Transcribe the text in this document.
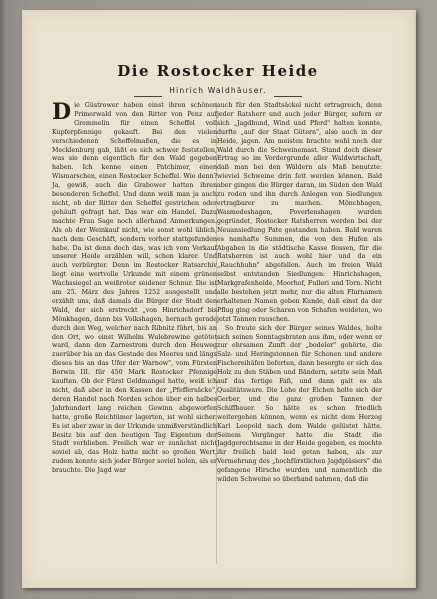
Die Rostocker Heide
Hinrich Waldhäuser.

Die Güstrower haben einst ihren schönen Primerwald von den Ritter von Penz auf Gremmelin für einen Scheffel voll Kupferpfennige gekauft. Bei den vielen verschiedenen Scheffelmaßen, die es in Mecklenburg gab, läßt es sich schwer feststellen, was sie denn eigentlich für den Wald gegeben haben. Ich kenne einen Patchimer, einen Wismarschen, einen Rostocker Scheffel. Wie denn? Ja, gewiß, auch die Grabower hatten ihren besonderen Scheffel. Und dann weiß man ja auch nicht, ob der Ritter den Scheffel gestrichen oder gehäuft gefragt hat. Das war ein Handel. Dazu machte Frau Sage noch allerhand Anmerkungen. Als ob der Weinkauf nicht, wie sonst wohl üblich, nach dem Geschäft, sondern vorher stattgefunden habe. Da ist denn doch das, was ich vom Verkauf unserer Heide erzählen will, schon klarer. Und auch verbürgter. Denn im Rostocker Ratsarchiv liegt eine wertvolle Urkunde mit einem grünen Wachssiegel an weißroter seidener Schnur. Die ist am 25. März des Jahres 1252 ausgestellt und erzählt uns, daß damals die Bürger der Stadt den Wald, der sich erstreckt „von Hinrichsdorf bis Mönkhagen, dann bis Volkshagen, hernach gerade durch den Weg, welcher nach Ribnitz führt, bis an den Ort, wo einst Wilhelm Wulebrewine getötet ward, dann den Zarnestrom durch den Heuweg zuerüber bis an das Gestade des Meeres und längs dieses bis an das Ufer der Warnow", vom Fürsten Borwin III. für 450 Mark Rostocker Pfennige kauften. Ob der Fürst Geldmangel hatte, weiß ich nicht, daß aber in den Kassen der „Pfeffersäcke", deren Handel nach Norden schon über ein halbes Jahrhundert lang reichen Gewinn abgeworfen hatte, große Reichtümer lagerten, ist wohl sicher. Es ist aber zwar in der Urkunde unmißverständlich Besitz bis auf den heutigen Tag Eigentum der Stadt verblieben. Freilich war er zunächst nicht soviel ab, das Holz hatte nicht so großen Wert, zudem konnte sich jeder Bürger soviel holen, als er brauchte. Die Jagd war

auch für den Stadtsäckel nicht ertragreich, denn jeder Ratsherr und auch jeder Bürger, sofern er sich „Jagdhund, Wind und Pferd" halten konnte, durfte „auf der Staat Gütern", also auch in der Heide, jagen. Am meisten brachte wohl noch der Wald durch die Schweinemast. Stand doch dieser Ertrag so im Vordergrunde aller Waldwirtschaft, daß man bei den Wäldern als Maß benutzte: wieviel Schweine drin fett werden können. Bald aber gingen die Bürger daran, im Süden den Wald zu roden und ihn durch Anlegen von Siedlungen ertragbarer zu machen. Mönchhagen, Wasmodeshagen, Poverlenshagen wurden gegründet, Rostocker Ratsherren werden bei der Neuansiedlung Pate gestanden haben. Bald waren es namhafte Summen, die von den Hufen als Abgaben in die städtische Kasse flossen, für die Ratsherren ist auch wohl hier und da ein „Rauchhuhn" abgefallen. Auch im freien Wald selbst entstanden Siedlungen: Hinrichshagen, Markgrafenheide, Moorhof, Fulleri und Torn. Nicht alle bestehen jetzt mehr, nur die alten Flurnamen erhaltenen Namen geben Kunde, daß einst da der Pflug ging oder Scharen von Schafen weideten, wo jetzt Tannen rauschen.

So freute sich der Bürger seines Waldes, holte sich seinen Sonntagsbraten aus ihm, oder wenn er zur ehrsamen Zunft der „bodeler" gehörte, die Salz- und Heringstonnen für Schonen und andere Fischereihäfen lieferten, dann besorgte er sich das Holz zu den Stäben und Bändern, setzte sein Maß auf das fertige Faß, und dann galt es als Qualitätsware. Die Lohe der Eichen holte sich der Gerber, und die ganz großen Tannen der Schiffbauer. So hätte es schon friedlich weitergehen können, wenn es nicht dem Herzog Karl Leopold nach dem Walde gelüstet hätte. Seinem Vorgänger hatte die Stadt die Jagdgerechtsame in der Heide gegeben, es mochte ihr freilich bald leid getan haben, als zur Vermehrung des „hochfürstlichen Jagdpläsiers" die gefangene Hirsche wurden und namentlich die wilden Schweine so überhand nahmen, daß die
